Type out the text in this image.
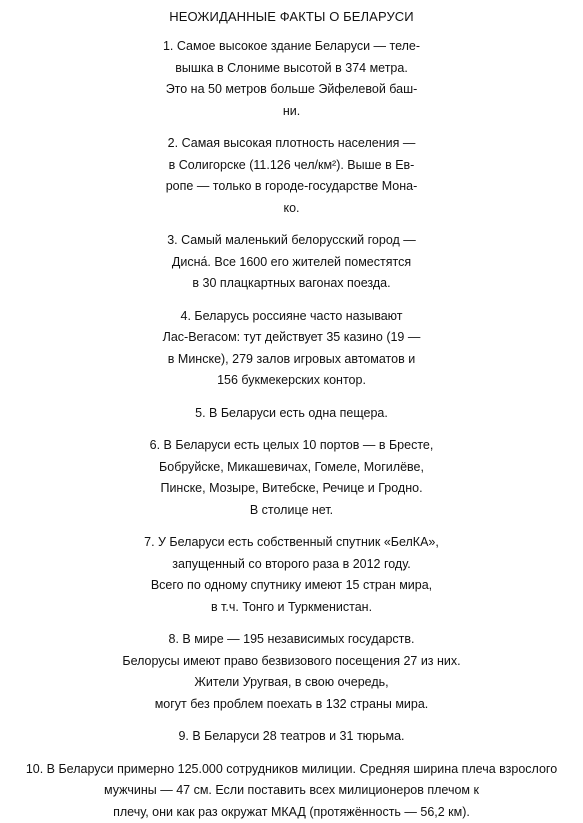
НЕОЖИДАННЫЕ ФАКТЫ О БЕЛАРУСИ
1. Самое высокое здание Беларуси — теле-
вышка в Слониме высотой в 374 метра.
Это на 50 метров больше Эйфелевой баш-
ни.
2. Самая высокая плотность населения —
в Солигорске (11.126 чел/км²). Выше в Ев-
ропе — только в городе-государстве Мона-
ко.
3. Самый маленький белорусский город —
Дисна́. Все 1600 его жителей поместятся
в 30 плацкартных вагонах поезда.
4. Беларусь россияне часто называют
Лас-Вегасом: тут действует 35 казино (19 —
в Минске), 279 залов игровых автоматов и
156 букмекерских контор.
5. В Беларуси есть одна пещера.
6. В Беларуси есть целых 10 портов — в Бресте,
Бобруйске, Микашевичах, Гомеле, Могилёве,
Пинске, Мозыре, Витебске, Речице и Гродно.
В столице нет.
7. У Беларуси есть собственный спутник «БелКА»,
запущенный со второго раза в 2012 году.
Всего по одному спутнику имеют 15 стран мира,
в т.ч. Тонго и Туркменистан.
8. В мире — 195 независимых государств.
Белорусы имеют право безвизового посещения 27 из них.
Жители Уругвая, в свою очередь,
могут без проблем поехать в 132 страны мира.
9. В Беларуси 28 театров и 31 тюрьма.
10. В Беларуси примерно 125.000 сотрудников милиции. Средняя ширина плеча взрослого
мужчины — 47 см. Если поставить всех милиционеров плечом к
плечу, они как раз окружат МКАД (протяжённость — 56,2 км).
